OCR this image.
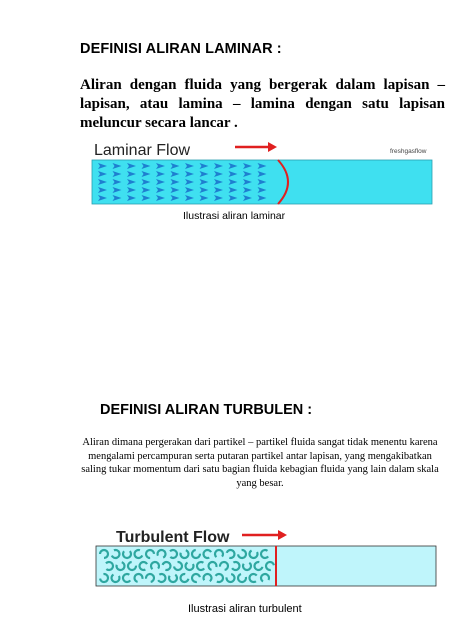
DEFINISI ALIRAN LAMINAR :
Aliran dengan fluida yang bergerak dalam lapisan – lapisan, atau lamina – lamina dengan satu lapisan meluncur secara lancar .
Laminar Flow	freshgasflow
Ilustrasi aliran laminar
DEFINISI ALIRAN TURBULEN :
Aliran dimana pergerakan dari partikel – partikel fluida sangat tidak menentu karena mengalami percampuran serta putaran partikel antar lapisan, yang mengakibatkan saling tukar momentum dari satu bagian fluida kebagian fluida yang lain dalam skala yang besar.
Turbulent Flow
Ilustrasi aliran turbulent
